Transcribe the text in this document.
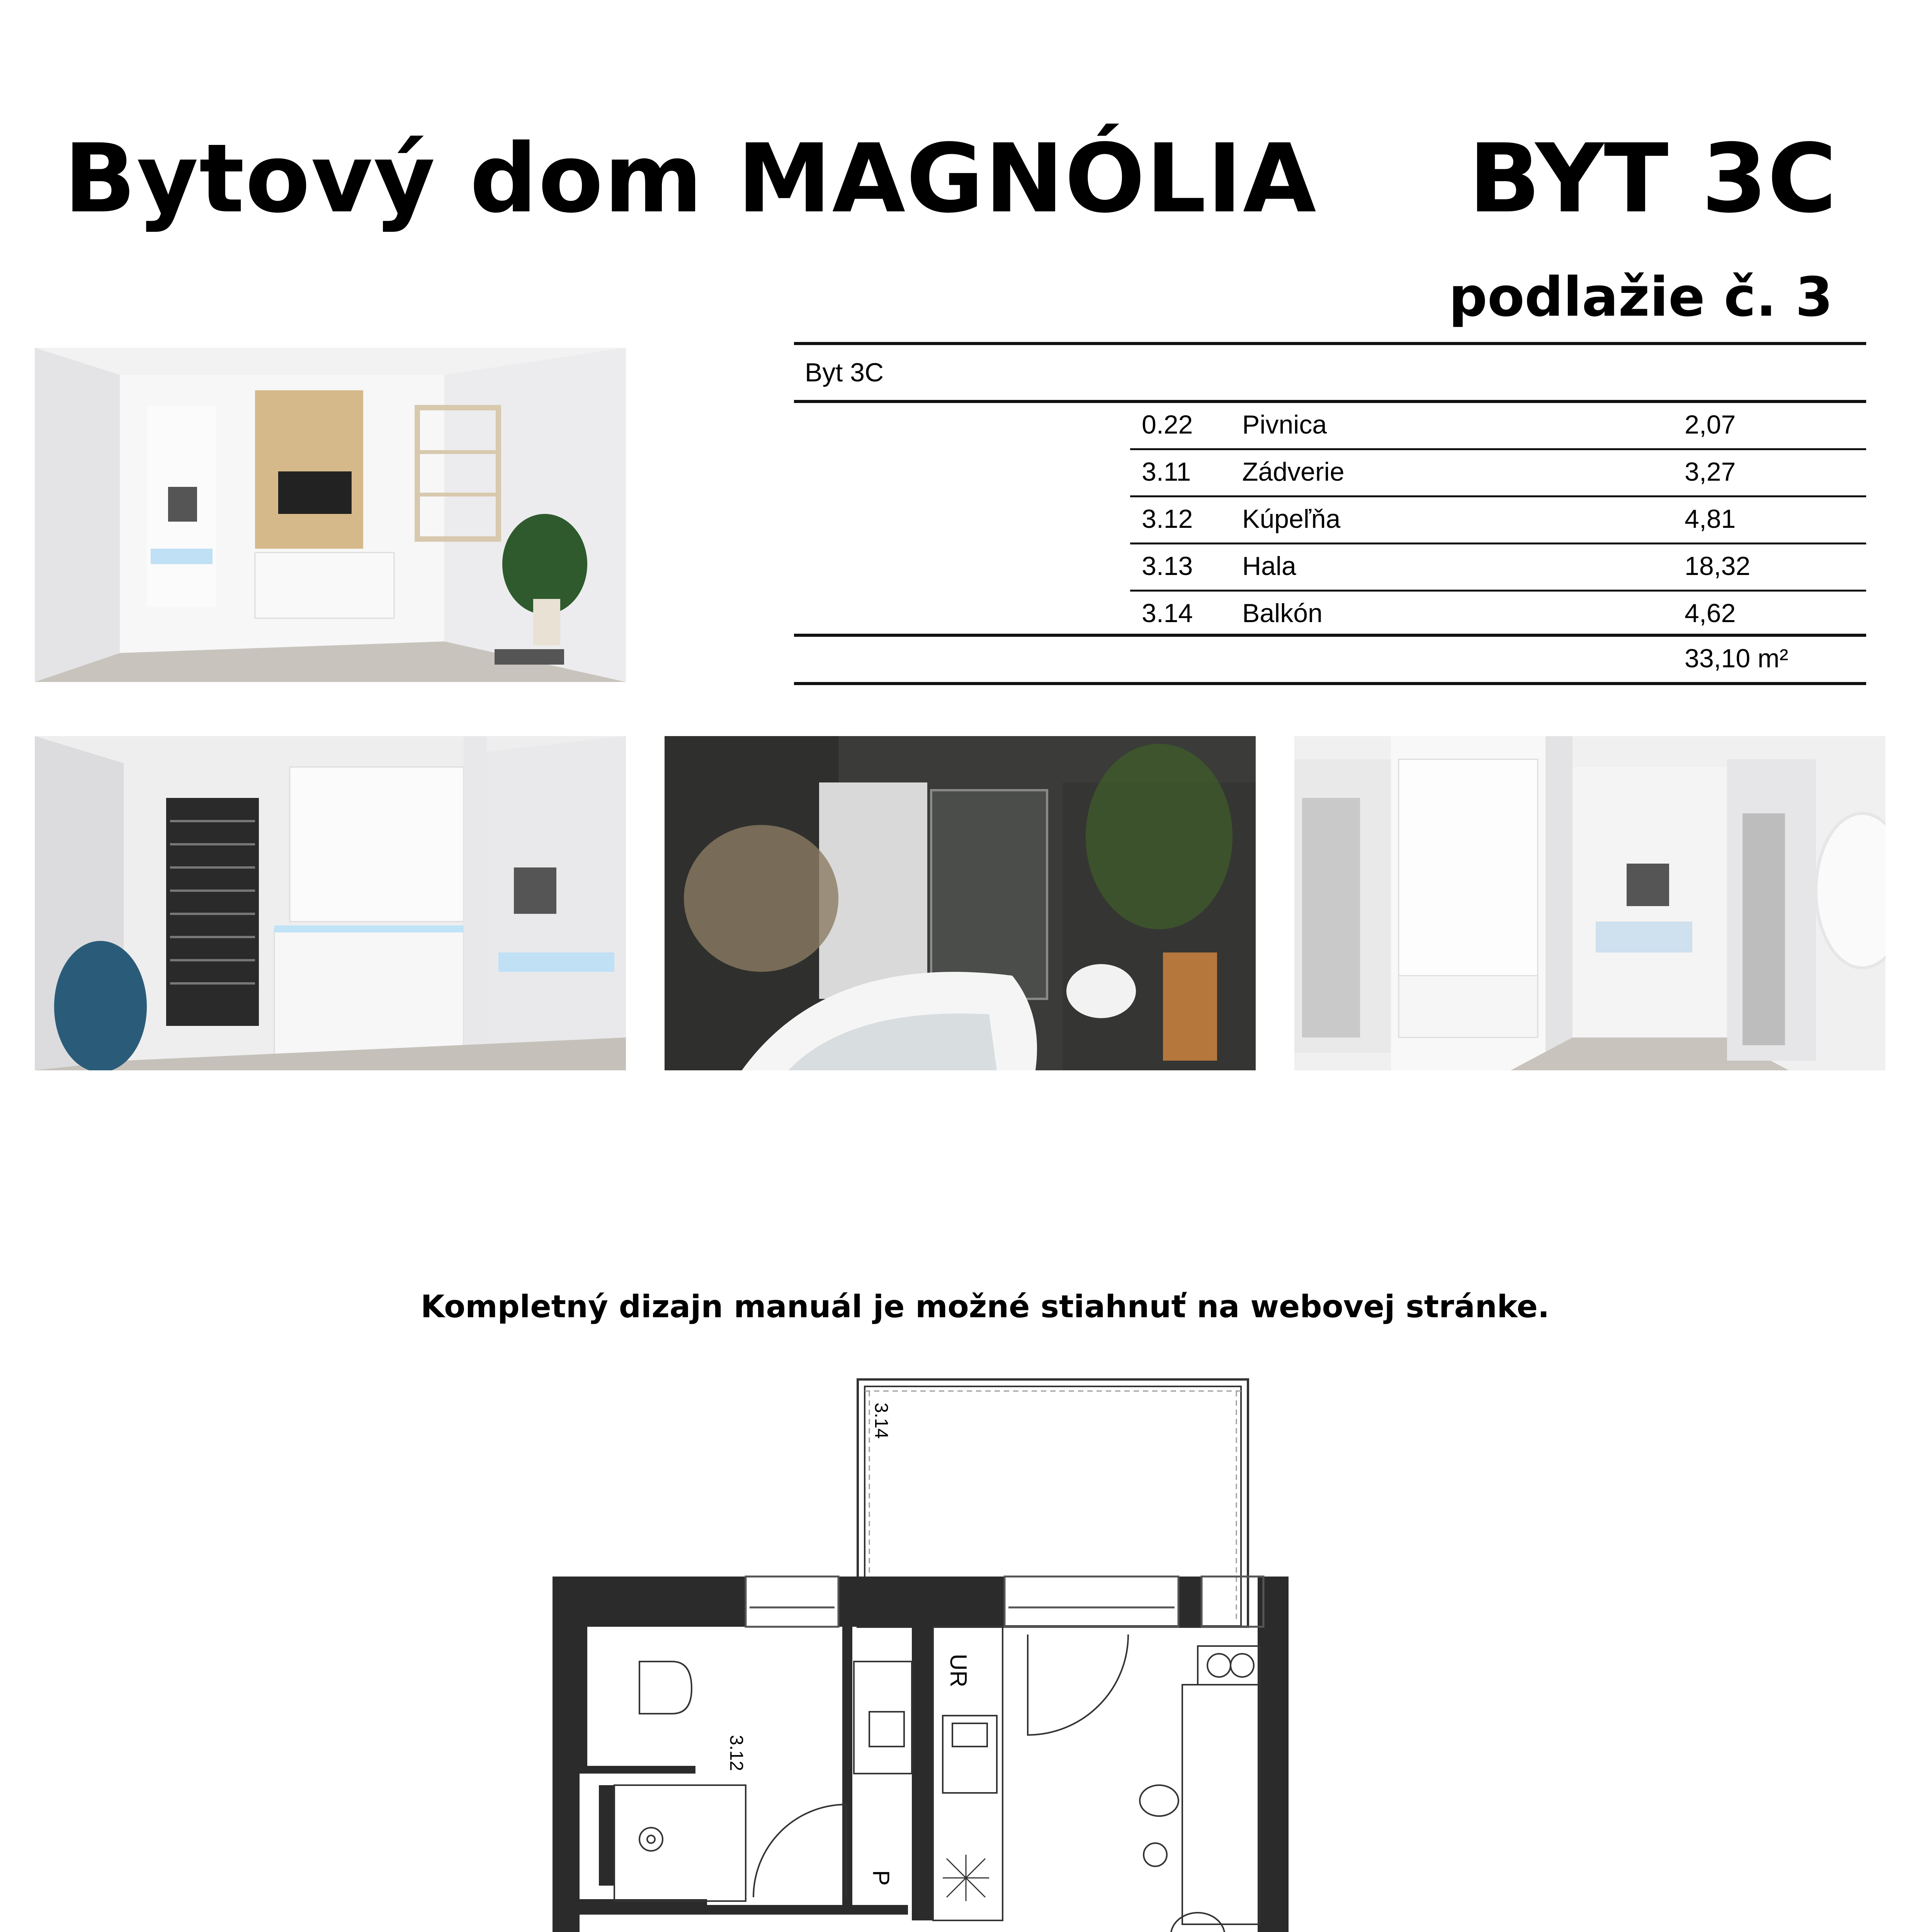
Bytový dom MAGNÓLIA BYT 3C
podlažie č. 3
Byt 3C
0.22 Pivnica	2,07
3.11 Zádverie	3,27
3.12 Kúpeľňa	4,81
3.13 Hala	18,32
3.14 Balkón	4,62
33,10 m²
Kompletný dizajn manuál je možné stiahnuť na webovej stránke.
3.12
3.14
UR
P
